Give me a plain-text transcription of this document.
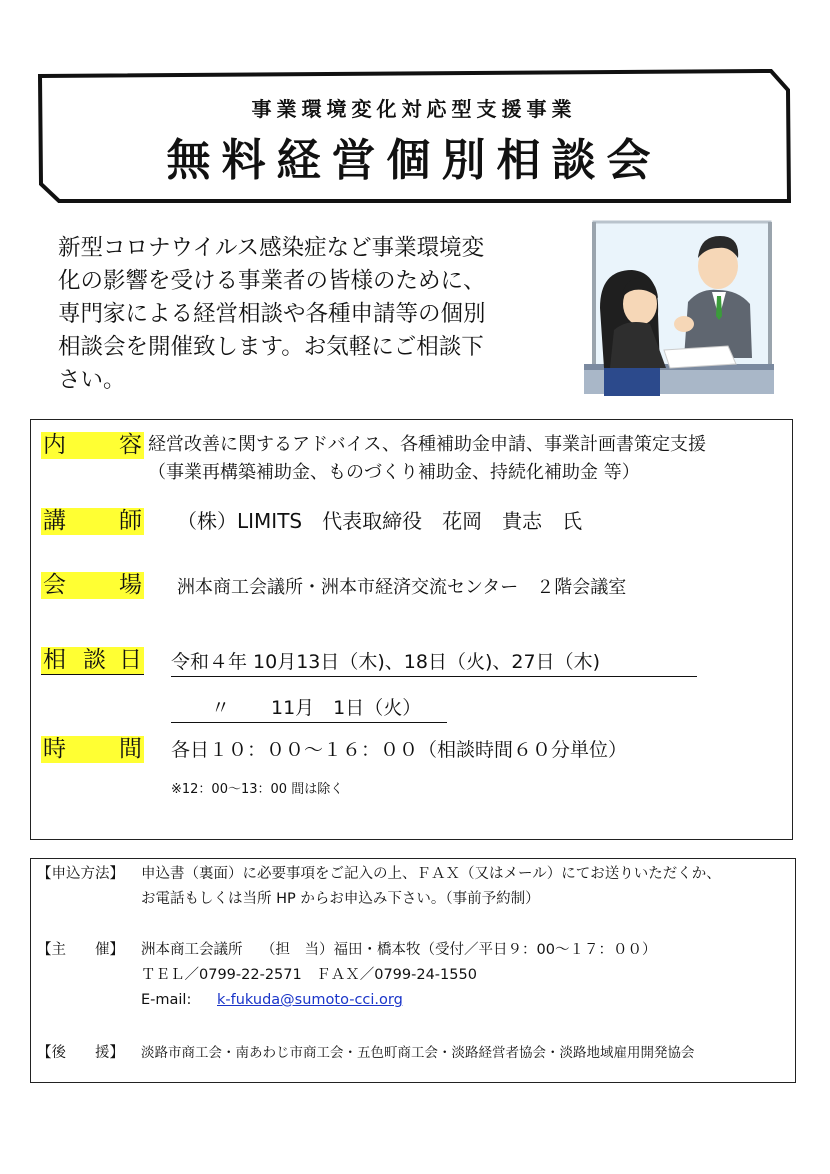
事業環境変化対応型支援事業
無料経営個別相談会
新型コロナウイルス感染症など事業環境変
化の影響を受ける事業者の皆様のために、
専門家による経営相談や各種申請等の個別
相談会を開催致します。お気軽にご相談下
さい。
内 容 経営改善に関するアドバイス、各種補助金申請、事業計画書策定支援
（事業再構築補助金、ものづくり補助金、持続化補助金 等）
講 師 （株）LIMITS　代表取締役　花岡　貴志　氏
会 場 洲本商工会議所・洲本市経済交流センター　２階会議室
相 談 日 令和４年 10月13日（木)、18日（火)、27日（木)
〃 11月　1日（火）
時 間 各日１０：００～１６：００（相談時間６０分単位）
※12：00～13：00 間は除く
【申込方法】 申込書（裏面）に必要事項をご記入の上、ＦＡＸ（又はメール）にてお送りいただくか、
お電話もしくは当所 HP からお申込み下さい。（事前予約制）
【主　　催】 洲本商工会議所 （担　当）福田・橋本牧（受付／平日９：00～１７：００）
ＴＥＬ／0799-22-2571　ＦＡＸ／0799-24-1550
E-mail: k-fukuda@sumoto-cci.org
【後　　援】 淡路市商工会・南あわじ市商工会・五色町商工会・淡路経営者協会・淡路地域雇用開発協会
